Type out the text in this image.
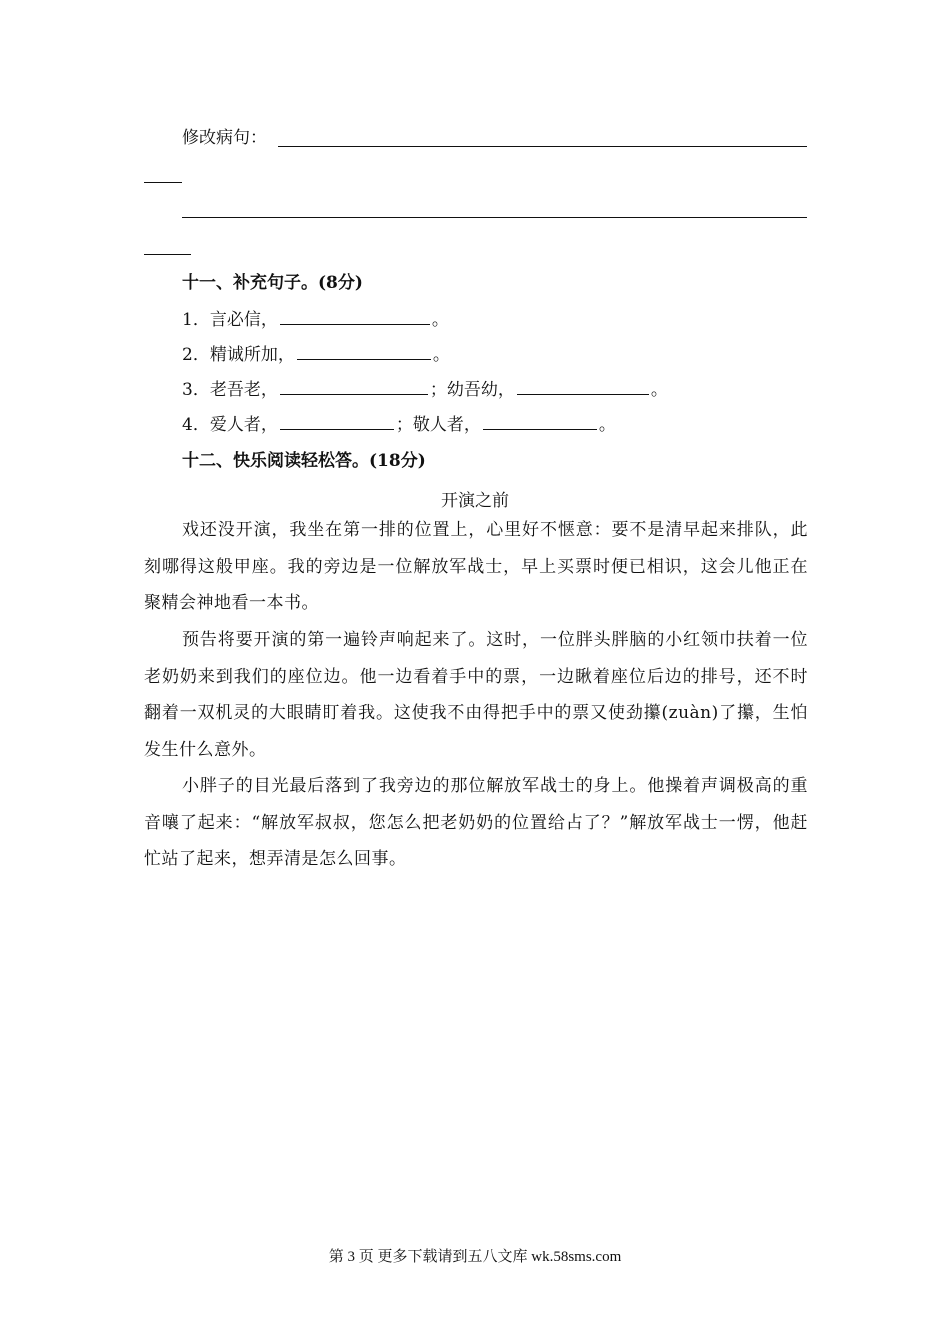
修改病句：
十一、补充句子。(8分)
1．言必信，	。
2．精诚所加，	。
3．老吾老，	；幼吾幼，	。
4．爱人者，	；敬人者，	。
十二、快乐阅读轻松答。(18分)
开演之前
戏还没开演，我坐在第一排的位置上，心里好不惬意：要不是清早起来排队，此刻哪得这般甲座。我的旁边是一位解放军战士，早上买票时便已相识，这会儿他正在聚精会神地看一本书。
预告将要开演的第一遍铃声响起来了。这时，一位胖头胖脑的小红领巾扶着一位老奶奶来到我们的座位边。他一边看着手中的票，一边瞅着座位后边的排号，还不时翻着一双机灵的大眼睛盯着我。这使我不由得把手中的票又使劲攥(zuàn)了攥，生怕发生什么意外。
小胖子的目光最后落到了我旁边的那位解放军战士的身上。他操着声调极高的重音嚷了起来：“解放军叔叔，您怎么把老奶奶的位置给占了？”解放军战士一愣，他赶忙站了起来，想弄清是怎么回事。
第 3 页 更多下载请到五八文库 wk.58sms.com
